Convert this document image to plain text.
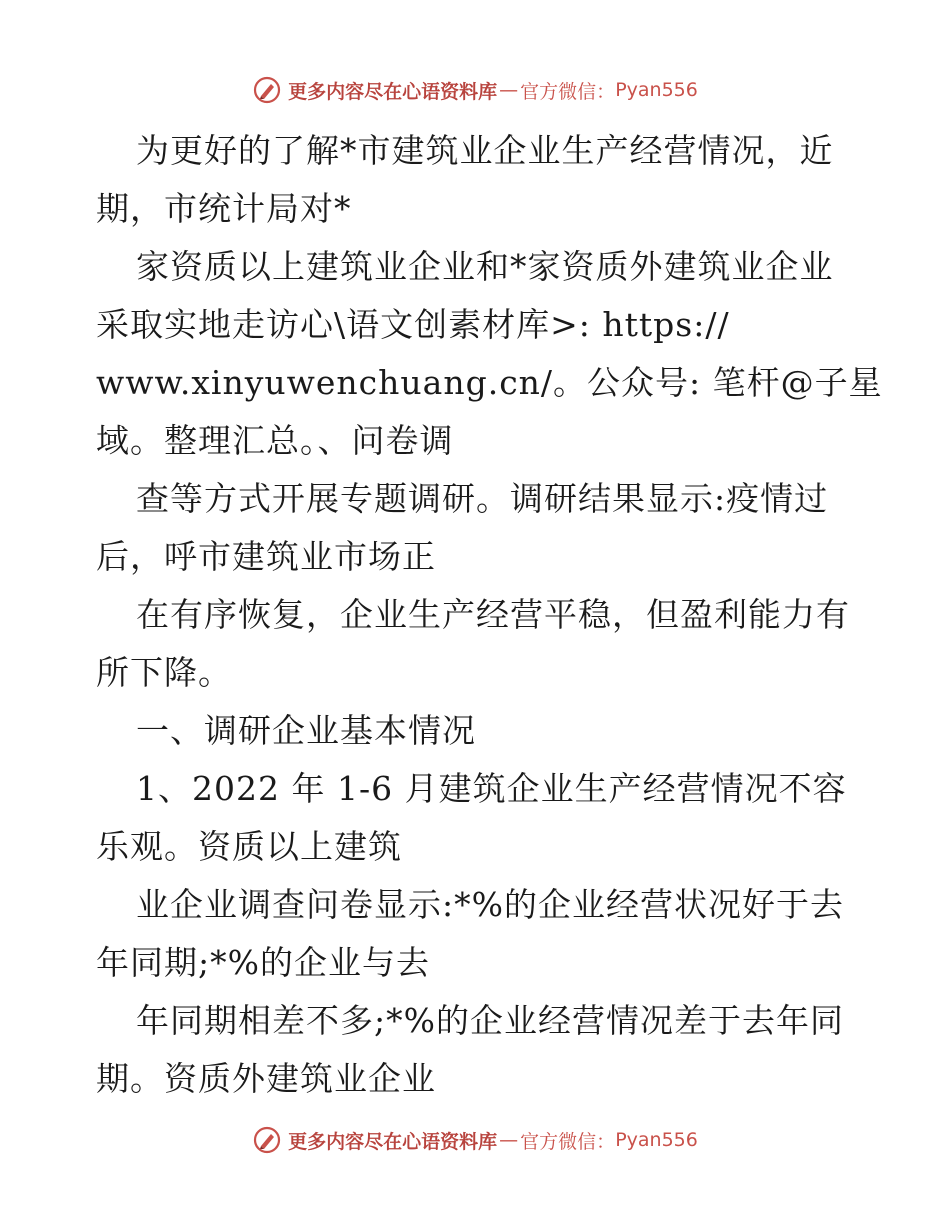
更多内容尽在心语资料库 — 官方微信： Pyan556
为更好的了解*市建筑业企业生产经营情况，近
期，市统计局对*
家资质以上建筑业企业和*家资质外建筑业企业
采取实地走访心\语文创素材库>: https://
www.xinyuwenchuang.cn/。公众号: 笔杆@子星
域。整理汇总。、问卷调
查等方式开展专题调研。调研结果显示:疫情过
后，呼市建筑业市场正
在有序恢复，企业生产经营平稳，但盈利能力有
所下降。
一、调研企业基本情况
1、2022 年 1-6 月建筑企业生产经营情况不容
乐观。资质以上建筑
业企业调查问卷显示:*%的企业经营状况好于去
年同期;*%的企业与去
年同期相差不多;*%的企业经营情况差于去年同
期。资质外建筑业企业
更多内容尽在心语资料库 — 官方微信： Pyan556
